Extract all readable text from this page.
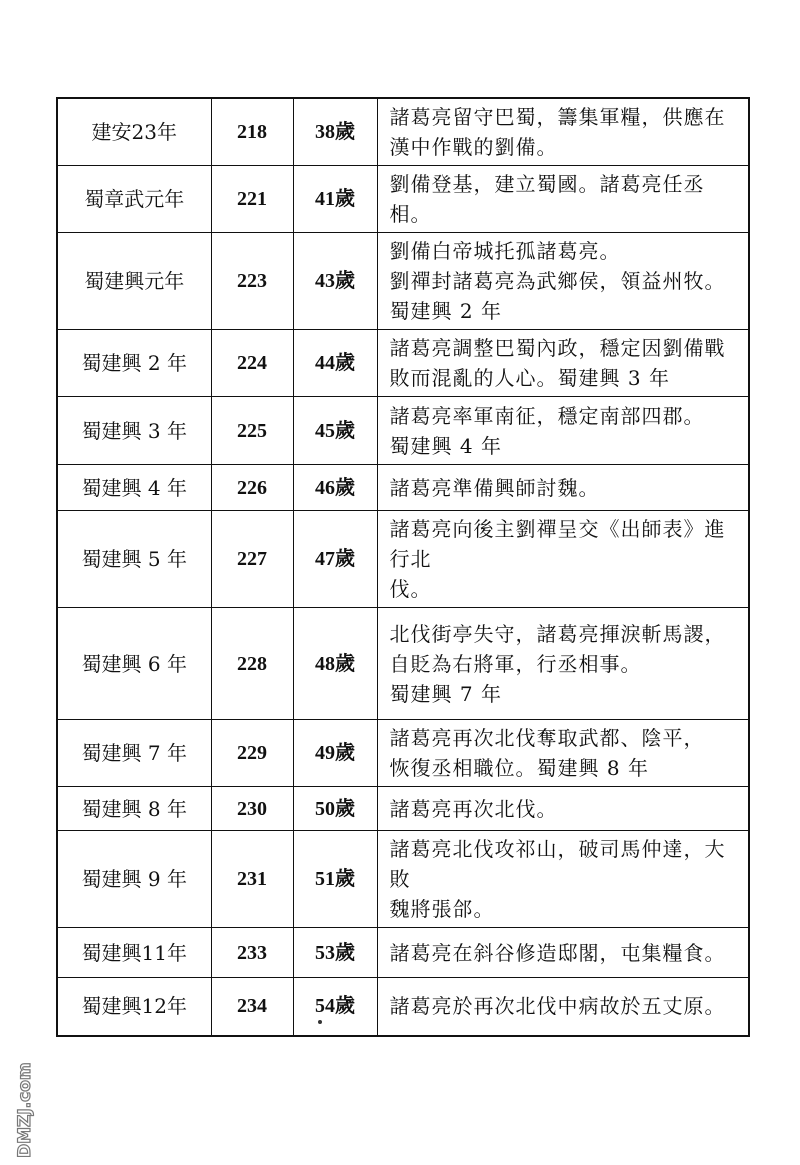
建安23年	218	38歲	諸葛亮留守巴蜀，籌集軍糧，供應在
漢中作戰的劉備。

蜀章武元年	221	41歲	劉備登基，建立蜀國。諸葛亮任丞相。

蜀建興元年	223	43歲	劉備白帝城托孤諸葛亮。
劉禪封諸葛亮為武鄉侯，領益州牧。
蜀建興 2 年

蜀建興 2 年	224	44歲	諸葛亮調整巴蜀內政，穩定因劉備戰
敗而混亂的人心。蜀建興 3 年

蜀建興 3 年	225	45歲	諸葛亮率軍南征，穩定南部四郡。
蜀建興 4 年

蜀建興 4 年	226	46歲	諸葛亮準備興師討魏。

蜀建興 5 年	227	47歲	諸葛亮向後主劉禪呈交《出師表》進行北
伐。

蜀建興 6 年	228	48歲	北伐街亭失守，諸葛亮揮淚斬馬謖，
自貶為右將軍，行丞相事。
蜀建興 7 年

蜀建興 7 年	229	49歲	諸葛亮再次北伐奪取武都、陰平，
恢復丞相職位。蜀建興 8 年

蜀建興 8 年	230	50歲	諸葛亮再次北伐。

蜀建興 9 年	231	51歲	諸葛亮北伐攻祁山，破司馬仲達，大敗
魏將張郃。

蜀建興11年	233	53歲	諸葛亮在斜谷修造邸閣，屯集糧食。

蜀建興12年	234	54歲	諸葛亮於再次北伐中病故於五丈原。
DMZJ.com
